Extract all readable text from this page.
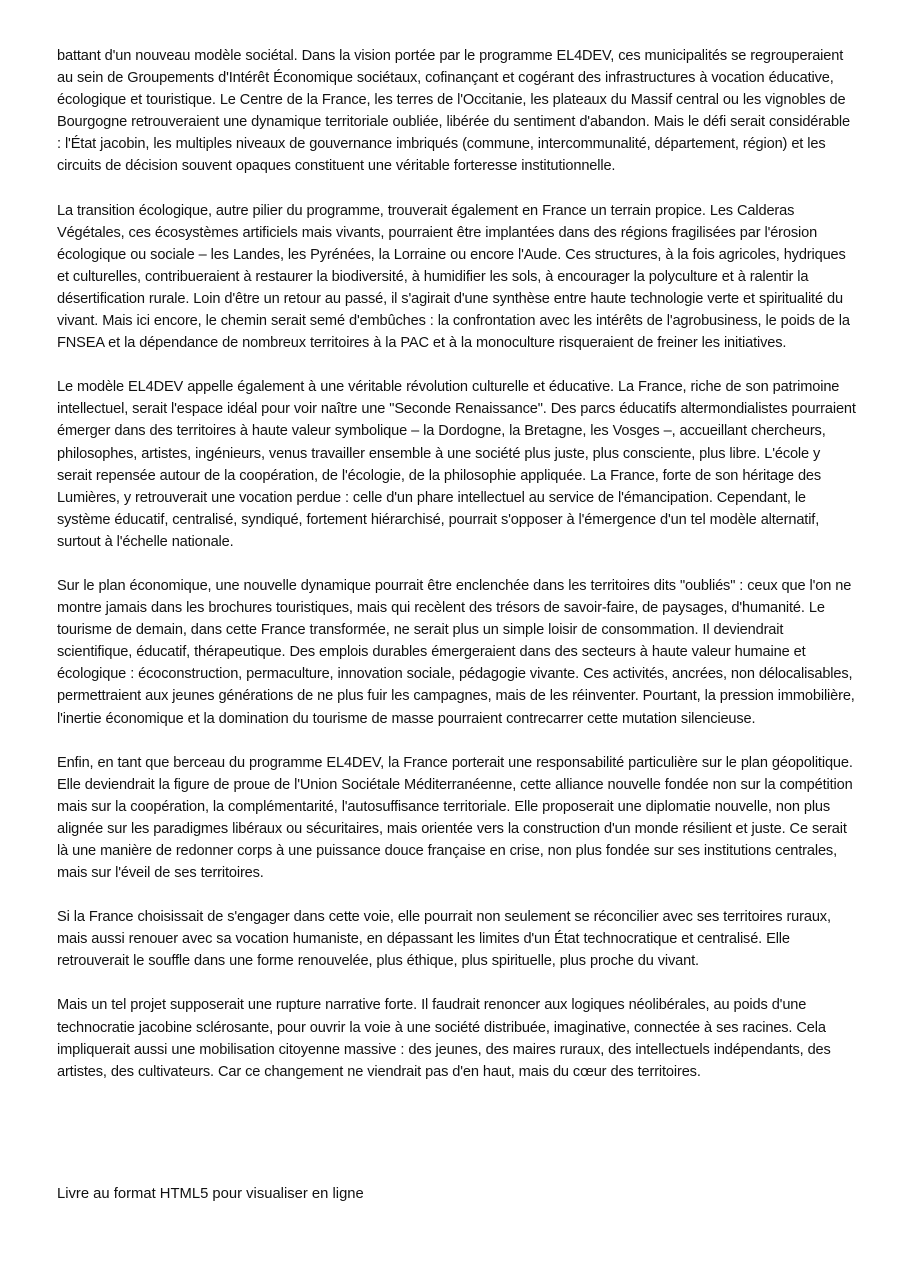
battant d'un nouveau modèle sociétal. Dans la vision portée par le programme EL4DEV, ces municipalités se regrouperaient au sein de Groupements d'Intérêt Économique sociétaux, cofinançant et cogérant des infrastructures à vocation éducative, écologique et touristique. Le Centre de la France, les terres de l'Occitanie, les plateaux du Massif central ou les vignobles de Bourgogne retrouveraient une dynamique territoriale oubliée, libérée du sentiment d'abandon. Mais le défi serait considérable : l'État jacobin, les multiples niveaux de gouvernance imbriqués (commune, intercommunalité, département, région) et les circuits de décision souvent opaques constituent une véritable forteresse institutionnelle.

La transition écologique, autre pilier du programme, trouverait également en France un terrain propice. Les Calderas Végétales, ces écosystèmes artificiels mais vivants, pourraient être implantées dans des régions fragilisées par l'érosion écologique ou sociale – les Landes, les Pyrénées, la Lorraine ou encore l'Aude. Ces structures, à la fois agricoles, hydriques et culturelles, contribueraient à restaurer la biodiversité, à humidifier les sols, à encourager la polyculture et à ralentir la désertification rurale. Loin d'être un retour au passé, il s'agirait d'une synthèse entre haute technologie verte et spiritualité du vivant. Mais ici encore, le chemin serait semé d'embûches : la confrontation avec les intérêts de l'agrobusiness, le poids de la FNSEA et la dépendance de nombreux territoires à la PAC et à la monoculture risqueraient de freiner les initiatives.

Le modèle EL4DEV appelle également à une véritable révolution culturelle et éducative. La France, riche de son patrimoine intellectuel, serait l'espace idéal pour voir naître une "Seconde Renaissance". Des parcs éducatifs altermondialistes pourraient émerger dans des territoires à haute valeur symbolique – la Dordogne, la Bretagne, les Vosges –, accueillant chercheurs, philosophes, artistes, ingénieurs, venus travailler ensemble à une société plus juste, plus consciente, plus libre. L'école y serait repensée autour de la coopération, de l'écologie, de la philosophie appliquée. La France, forte de son héritage des Lumières, y retrouverait une vocation perdue : celle d'un phare intellectuel au service de l'émancipation. Cependant, le système éducatif, centralisé, syndiqué, fortement hiérarchisé, pourrait s'opposer à l'émergence d'un tel modèle alternatif, surtout à l'échelle nationale.

Sur le plan économique, une nouvelle dynamique pourrait être enclenchée dans les territoires dits "oubliés" : ceux que l'on ne montre jamais dans les brochures touristiques, mais qui recèlent des trésors de savoir-faire, de paysages, d'humanité. Le tourisme de demain, dans cette France transformée, ne serait plus un simple loisir de consommation. Il deviendrait scientifique, éducatif, thérapeutique. Des emplois durables émergeraient dans des secteurs à haute valeur humaine et écologique : écoconstruction, permaculture, innovation sociale, pédagogie vivante. Ces activités, ancrées, non délocalisables, permettraient aux jeunes générations de ne plus fuir les campagnes, mais de les réinventer. Pourtant, la pression immobilière, l'inertie économique et la domination du tourisme de masse pourraient contrecarrer cette mutation silencieuse.

Enfin, en tant que berceau du programme EL4DEV, la France porterait une responsabilité particulière sur le plan géopolitique. Elle deviendrait la figure de proue de l'Union Sociétale Méditerranéenne, cette alliance nouvelle fondée non sur la compétition mais sur la coopération, la complémentarité, l'autosuffisance territoriale. Elle proposerait une diplomatie nouvelle, non plus alignée sur les paradigmes libéraux ou sécuritaires, mais orientée vers la construction d'un monde résilient et juste. Ce serait là une manière de redonner corps à une puissance douce française en crise, non plus fondée sur ses institutions centrales, mais sur l'éveil de ses territoires.

Si la France choisissait de s'engager dans cette voie, elle pourrait non seulement se réconcilier avec ses territoires ruraux, mais aussi renouer avec sa vocation humaniste, en dépassant les limites d'un État technocratique et centralisé. Elle retrouverait le souffle dans une forme renouvelée, plus éthique, plus spirituelle, plus proche du vivant.

Mais un tel projet supposerait une rupture narrative forte. Il faudrait renoncer aux logiques néolibérales, au poids d'une technocratie jacobine sclérosante, pour ouvrir la voie à une société distribuée, imaginative, connectée à ses racines. Cela impliquerait aussi une mobilisation citoyenne massive : des jeunes, des maires ruraux, des intellectuels indépendants, des artistes, des cultivateurs. Car ce changement ne viendrait pas d'en haut, mais du cœur des territoires.

Livre au format HTML5 pour visualiser en ligne
